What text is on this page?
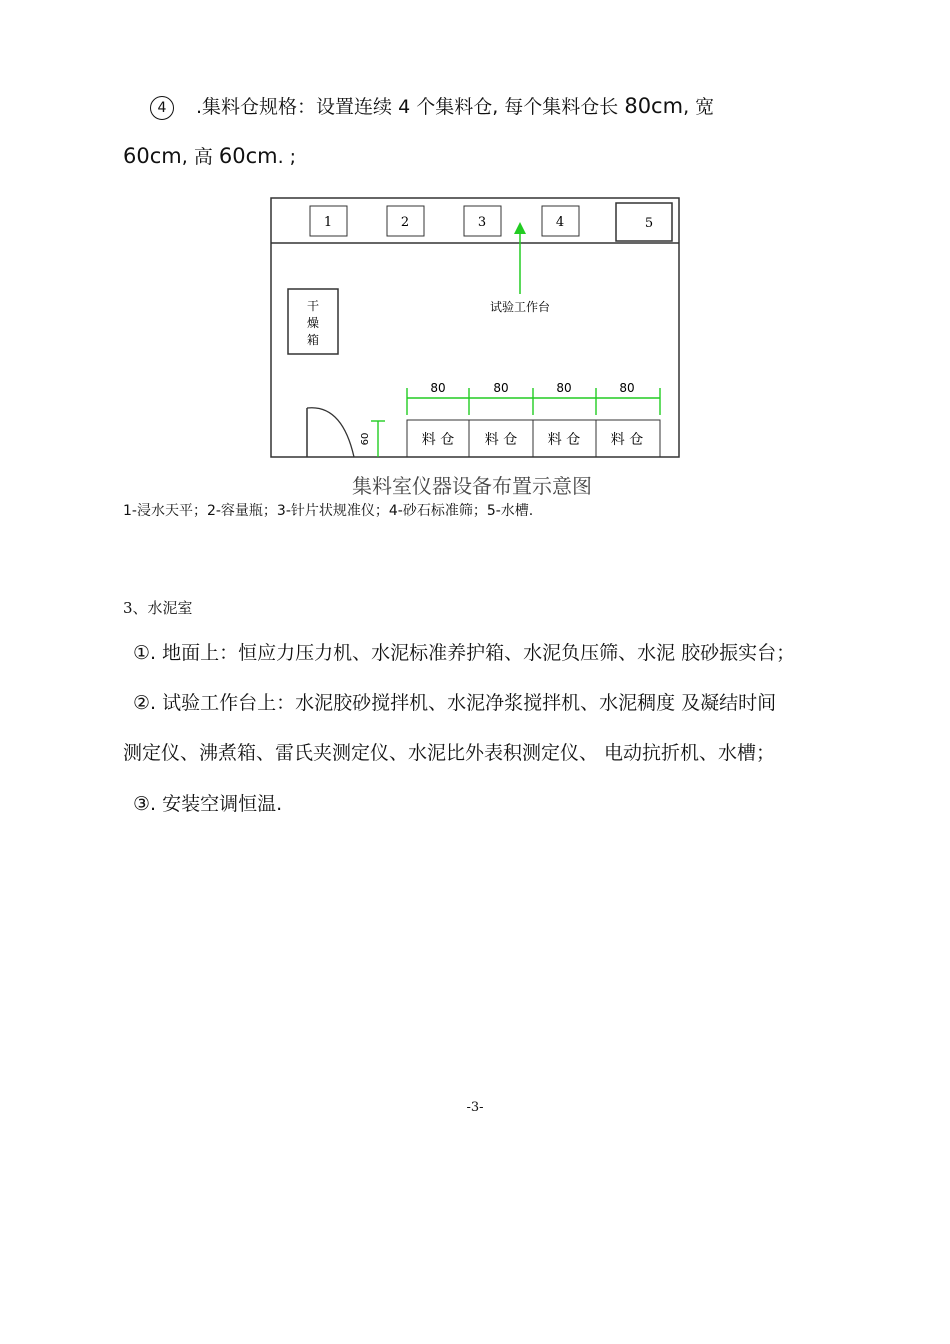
4 .集料仓规格：设置连续 4 个集料仓, 每个集料仓长 80cm, 宽
60cm, 高 60cm. ;
1	2	3	4	5
试验工作台
干
燥
箱
80	80	80	80
60	料 仓 料 仓 料 仓 料 仓
集料室仪器设备布置示意图
1-浸水天平；2-容量瓶；3-针片状规准仪；4-砂石标准筛；5-水槽.
3、水泥室
①. 地面上：恒应力压力机、水泥标准养护箱、水泥负压筛、水泥 胶砂振实台；
②. 试验工作台上：水泥胶砂搅拌机、水泥净浆搅拌机、水泥稠度 及凝结时间
测定仪、沸煮箱、雷氏夹测定仪、水泥比外表积测定仪、 电动抗折机、水槽；
③. 安装空调恒温.
-3-
